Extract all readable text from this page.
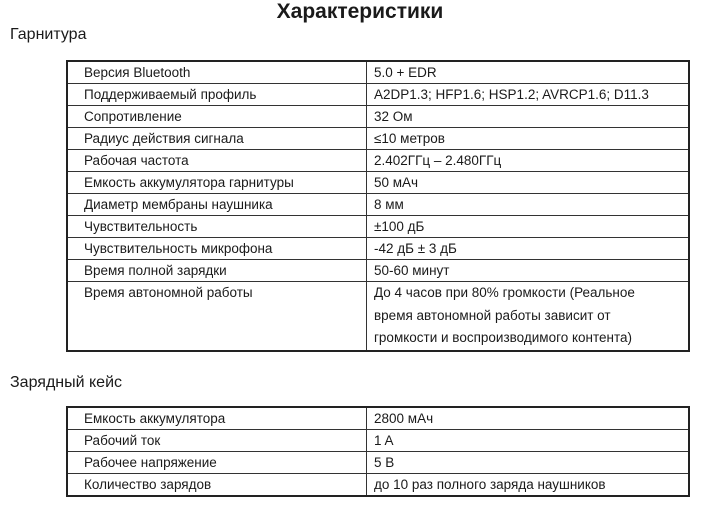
Характеристики
Гарнитура
Версия Bluetooth	5.0 + EDR
Поддерживаемый профиль	A2DP1.3; HFP1.6; HSP1.2; AVRCP1.6; D11.3
Сопротивление	32 Ом
Радиус действия сигнала	≤10 метров
Рабочая частота	2.402ГГц – 2.480ГГц
Емкость аккумулятора гарнитуры	50 мАч
Диаметр мембраны наушника	8 мм
Чувствительность	±100 дБ
Чувствительность микрофона	-42 дБ ± 3 дБ
Время полной зарядки	50-60 минут
Время автономной работы	До 4 часов при 80% громкости (Реальное
время автономной работы зависит от
громкости и воспроизводимого контента)
Зарядный кейс
Емкость аккумулятора	2800 мАч
Рабочий ток	1 A
Рабочее напряжение	5 В
Количество зарядов	до 10 раз полного заряда наушников
